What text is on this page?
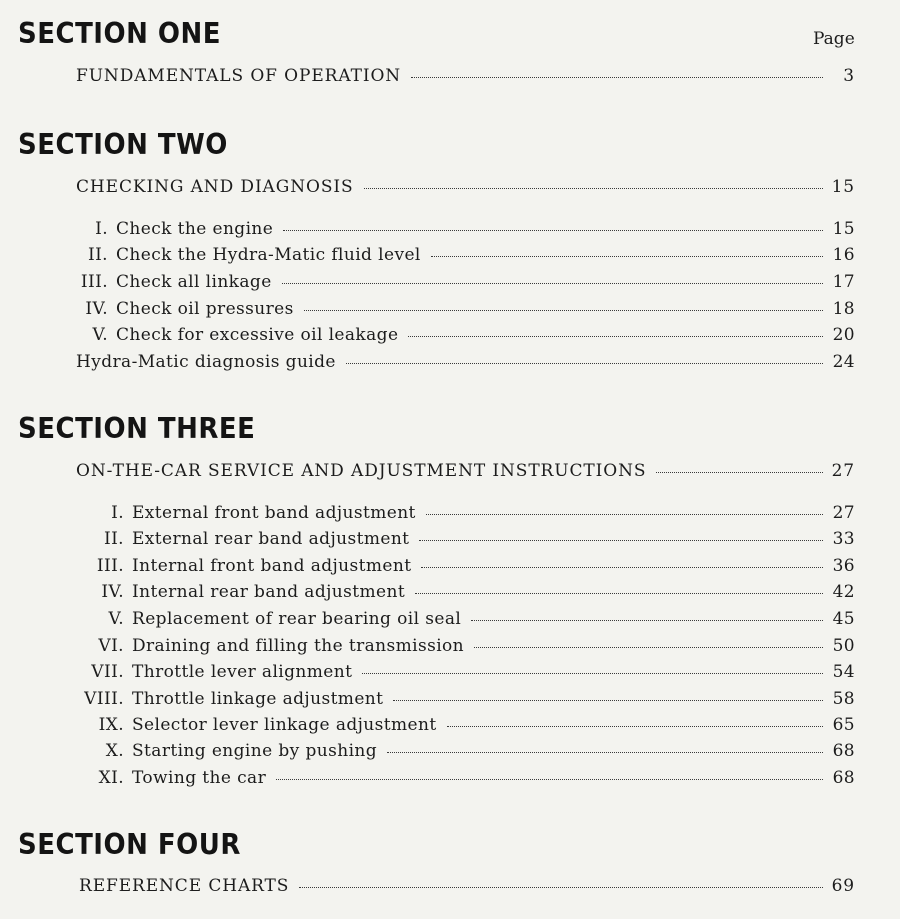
Page
SECTION ONE
FUNDAMENTALS OF OPERATION	3
SECTION TWO
CHECKING AND DIAGNOSIS	15
I. Check the engine	15
II. Check the Hydra-Matic fluid level	16
III. Check all linkage	17
IV. Check oil pressures	18
V. Check for excessive oil leakage	20
Hydra-Matic diagnosis guide	24
SECTION THREE
ON-THE-CAR SERVICE AND ADJUSTMENT INSTRUCTIONS	27
I. External front band adjustment	27
II. External rear band adjustment	33
III. Internal front band adjustment	36
IV. Internal rear band adjustment	42
V. Replacement of rear bearing oil seal	45
VI. Draining and filling the transmission	50
VII. Throttle lever alignment	54
VIII. Throttle linkage adjustment	58
IX. Selector lever linkage adjustment	65
X. Starting engine by pushing	68
XI. Towing the car	68
SECTION FOUR
REFERENCE CHARTS	69
